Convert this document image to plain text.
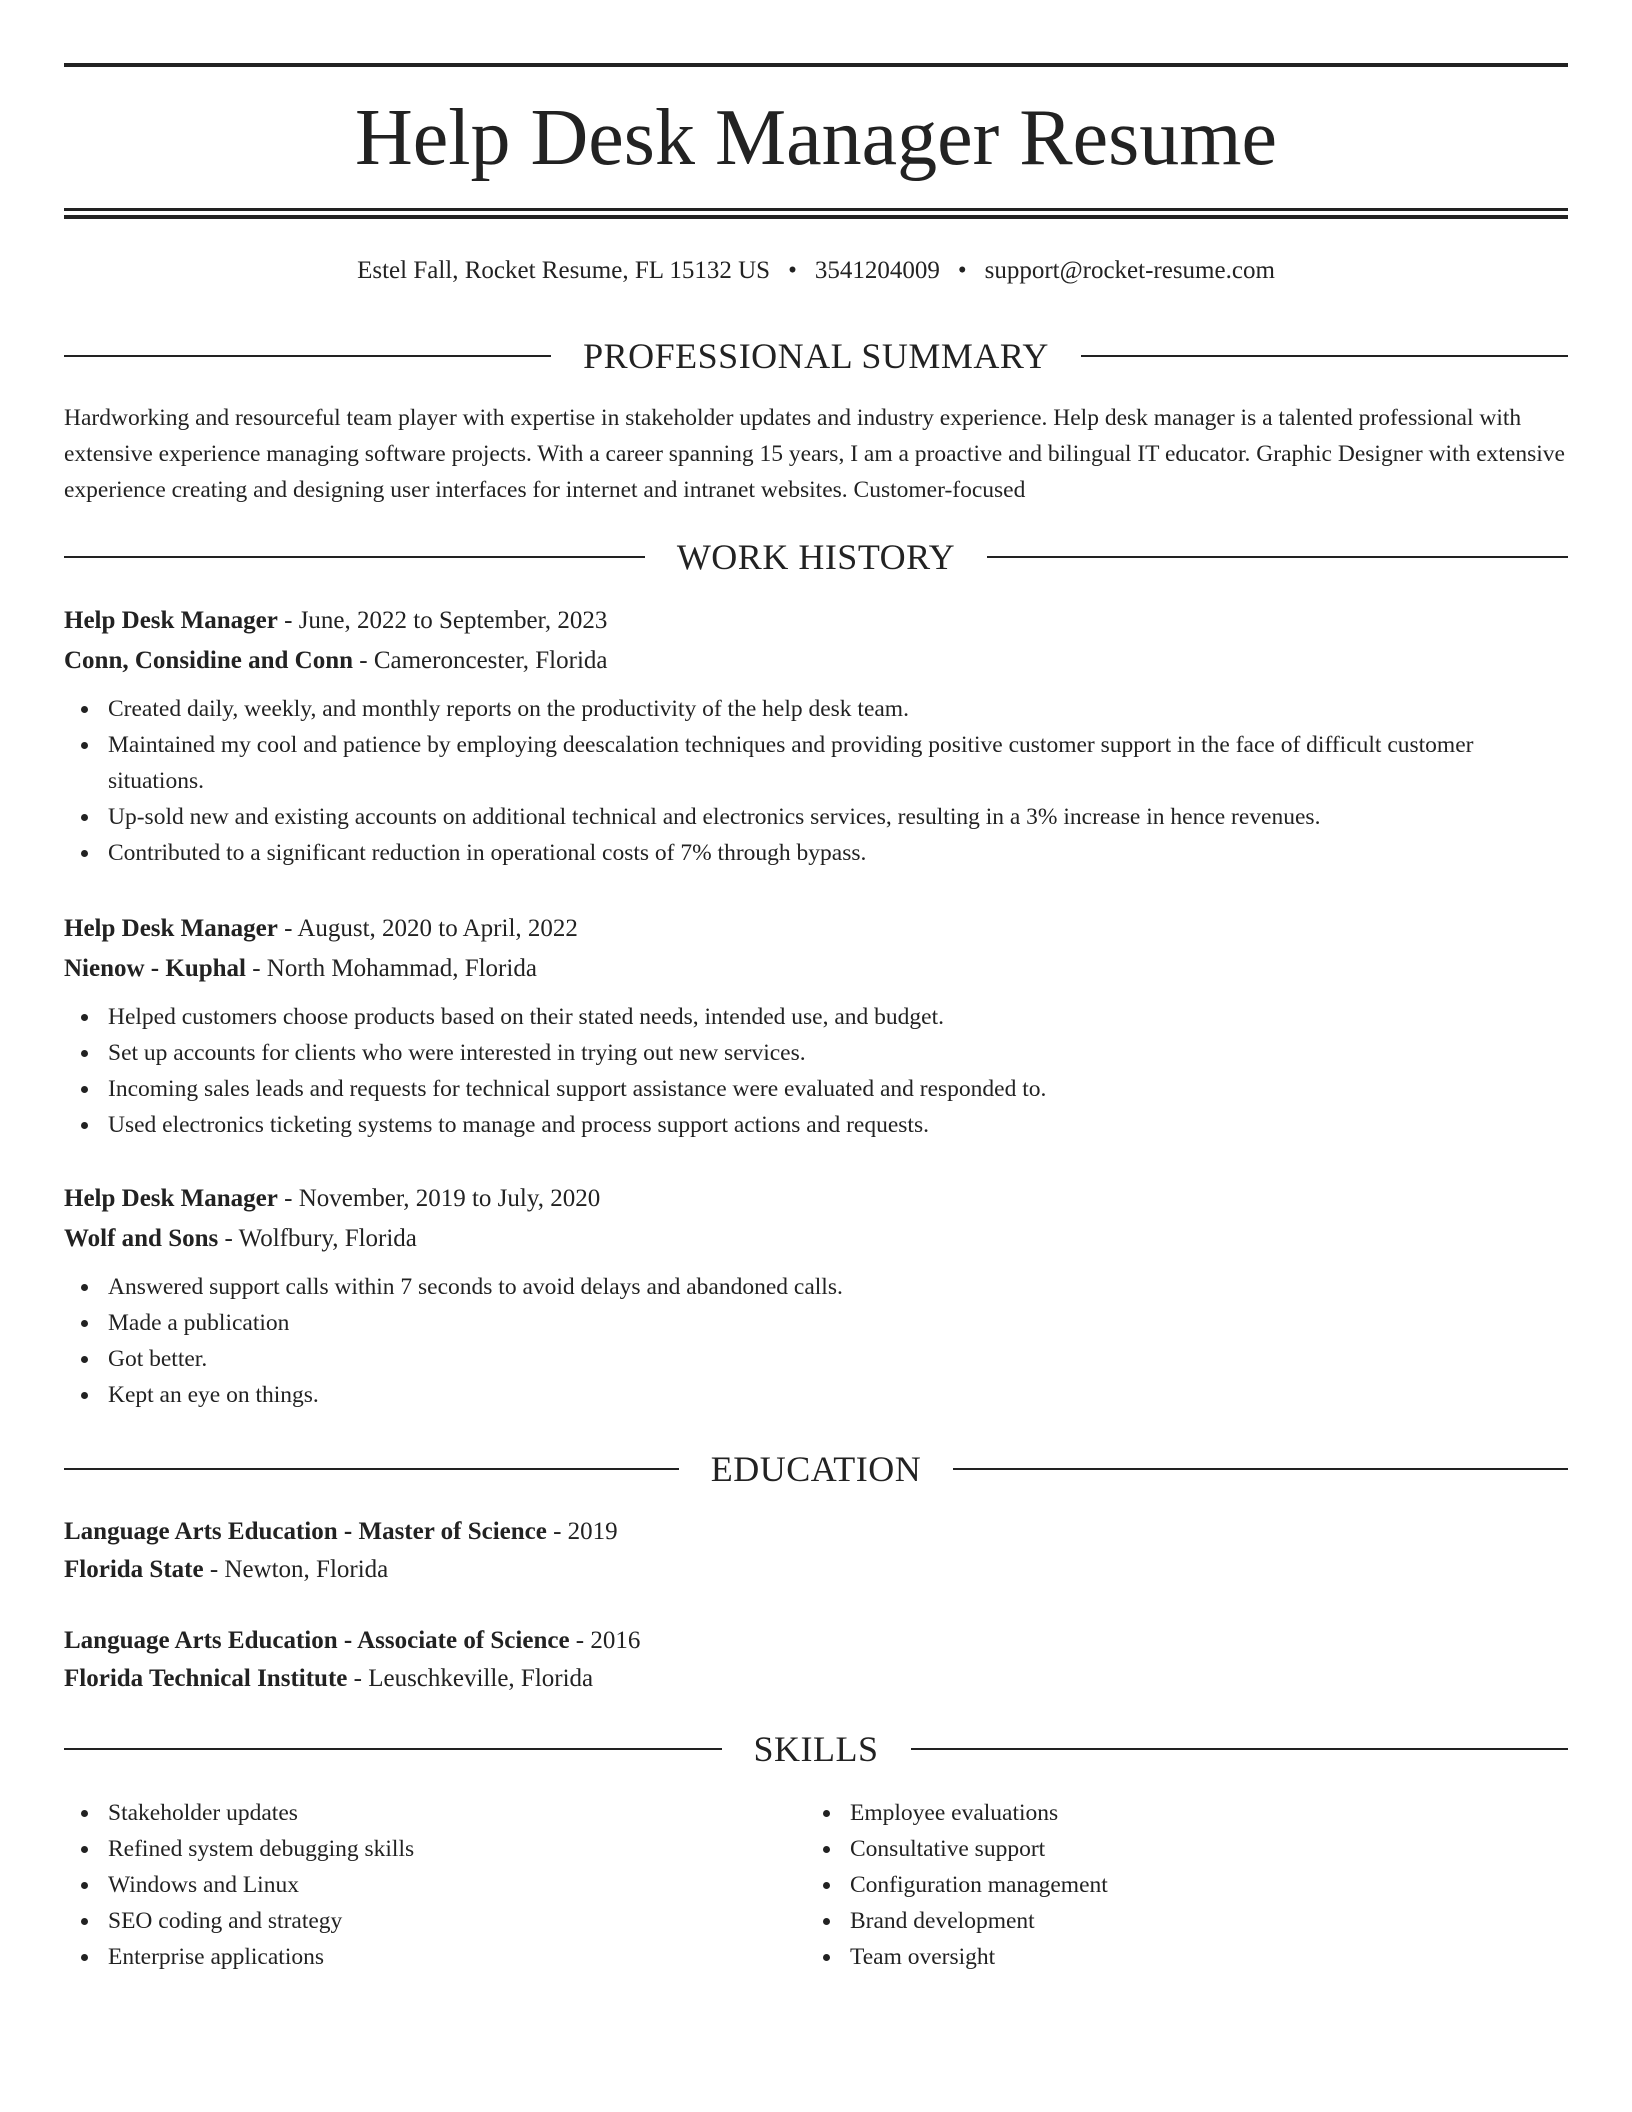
Help Desk Manager Resume
Estel Fall, Rocket Resume, FL 15132 US • 3541204009 • support@rocket-resume.com
PROFESSIONAL SUMMARY

Hardworking and resourceful team player with expertise in stakeholder updates and industry experience. Help desk manager is a talented professional with extensive experience managing software projects. With a career spanning 15 years, I am a proactive and bilingual IT educator. Graphic Designer with extensive experience creating and designing user interfaces for internet and intranet websites. Customer-focused

WORK HISTORY
Help Desk Manager - June, 2022 to September, 2023
Conn, Considine and Conn - Cameroncester, Florida
Created daily, weekly, and monthly reports on the productivity of the help desk team.
Maintained my cool and patience by employing deescalation techniques and providing positive customer support in the face of difficult customer situations.
Up-sold new and existing accounts on additional technical and electronics services, resulting in a 3% increase in hence revenues.
Contributed to a significant reduction in operational costs of 7% through bypass.
Help Desk Manager - August, 2020 to April, 2022
Nienow - Kuphal - North Mohammad, Florida
Helped customers choose products based on their stated needs, intended use, and budget.
Set up accounts for clients who were interested in trying out new services.
Incoming sales leads and requests for technical support assistance were evaluated and responded to.
Used electronics ticketing systems to manage and process support actions and requests.
Help Desk Manager - November, 2019 to July, 2020
Wolf and Sons - Wolfbury, Florida
Answered support calls within 7 seconds to avoid delays and abandoned calls.
Made a publication
Got better.
Kept an eye on things.
EDUCATION
Language Arts Education - Master of Science - 2019
Florida State - Newton, Florida
Language Arts Education - Associate of Science - 2016
Florida Technical Institute - Leuschkeville, Florida
SKILLS
Stakeholder updates
Refined system debugging skills
Windows and Linux
SEO coding and strategy
Enterprise applications
Employee evaluations
Consultative support
Configuration management
Brand development
Team oversight
